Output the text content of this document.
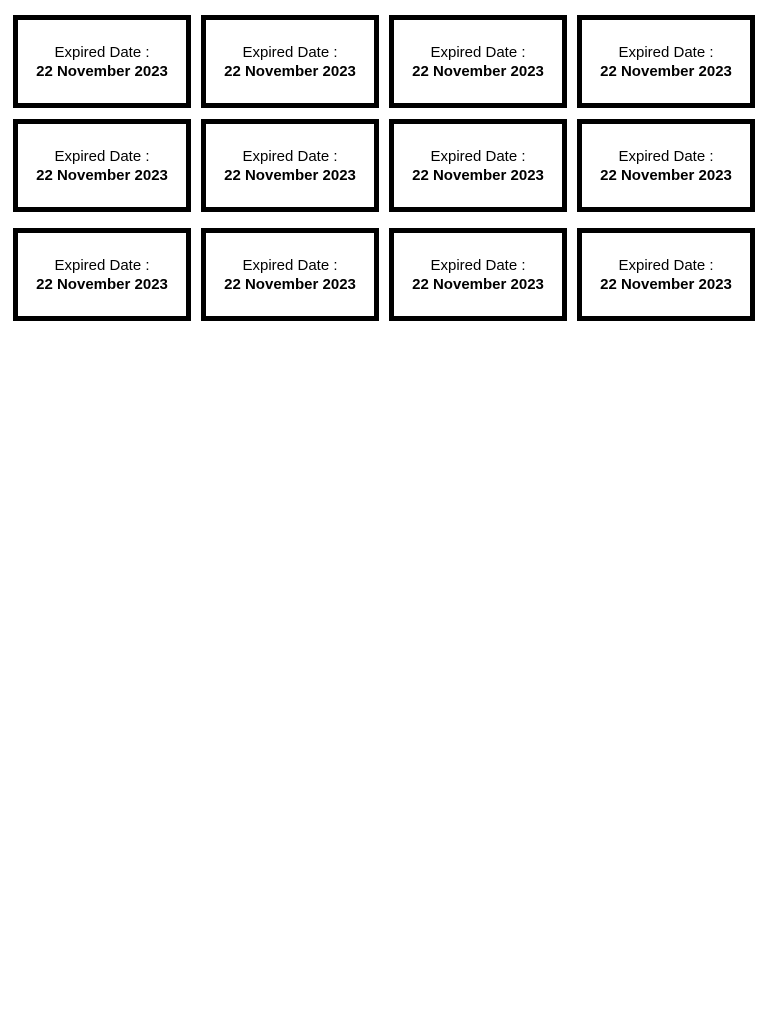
Expired Date :
22 November 2023
Expired Date :
22 November 2023
Expired Date :
22 November 2023
Expired Date :
22 November 2023
Expired Date :
22 November 2023
Expired Date :
22 November 2023
Expired Date :
22 November 2023
Expired Date :
22 November 2023
Expired Date :
22 November 2023
Expired Date :
22 November 2023
Expired Date :
22 November 2023
Expired Date :
22 November 2023
